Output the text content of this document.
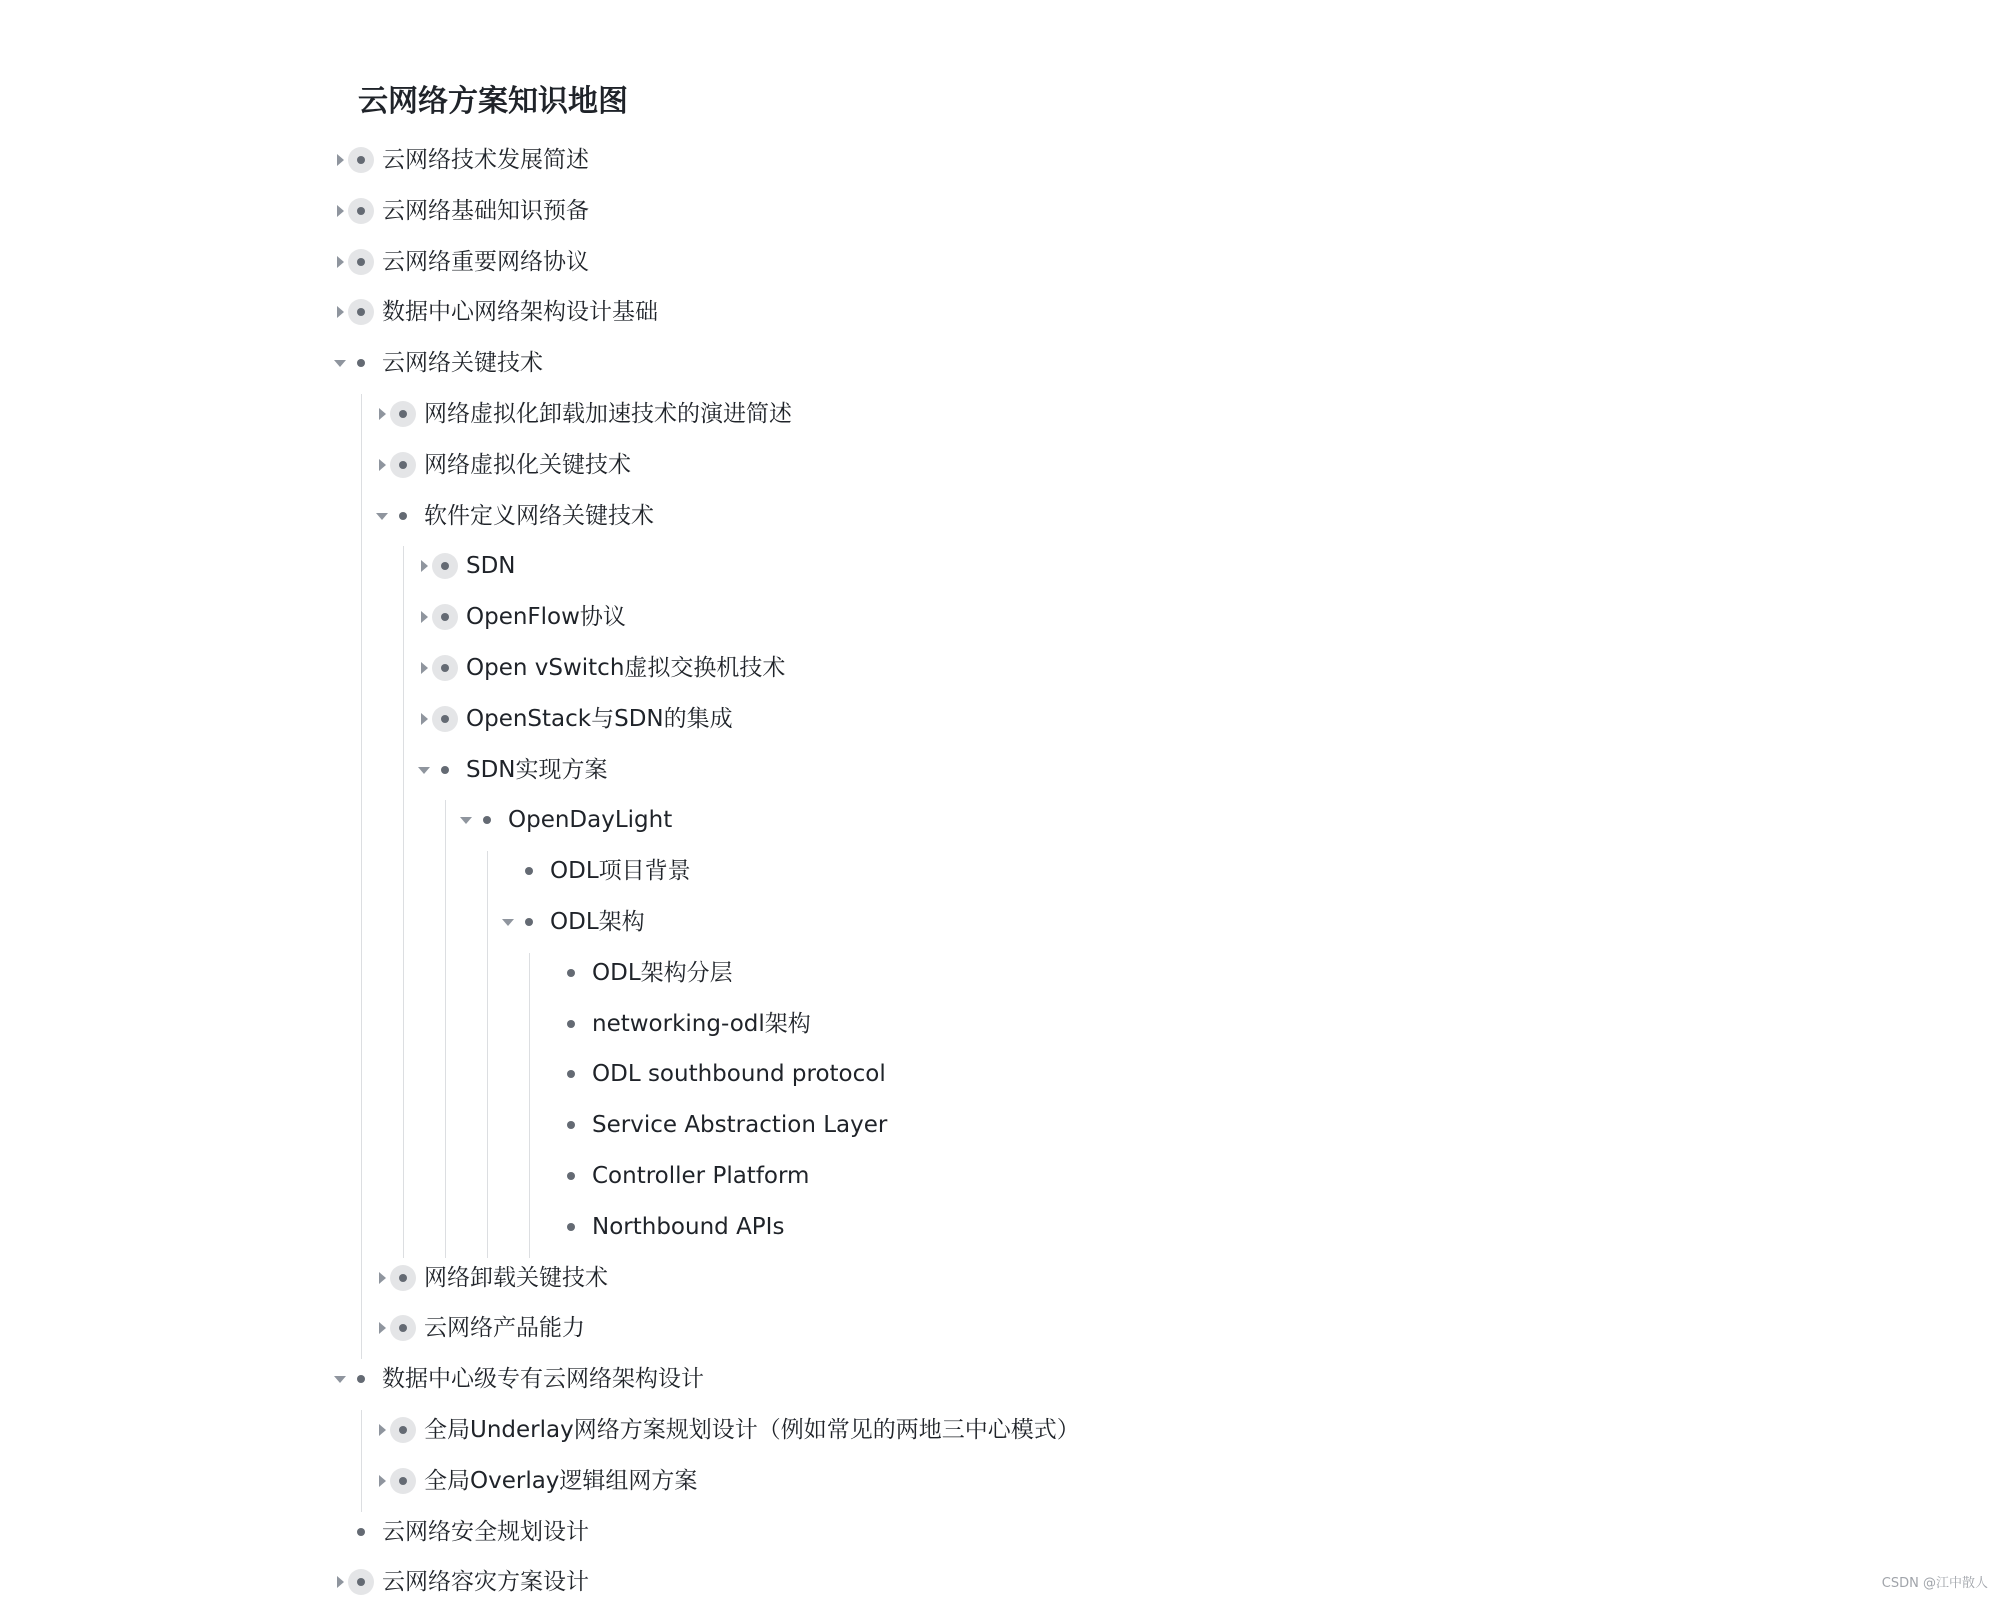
云网络方案知识地图
云网络技术发展简述
云网络基础知识预备
云网络重要网络协议
数据中心网络架构设计基础
云网络关键技术
网络虚拟化卸载加速技术的演进简述
网络虚拟化关键技术
软件定义网络关键技术
SDN
OpenFlow协议
Open vSwitch虚拟交换机技术
OpenStack与SDN的集成
SDN实现方案
OpenDayLight
ODL项目背景
ODL架构
ODL架构分层
networking-odl架构
ODL southbound protocol
Service Abstraction Layer
Controller Platform
Northbound APIs
网络卸载关键技术
云网络产品能力
数据中心级专有云网络架构设计
全局Underlay网络方案规划设计（例如常见的两地三中心模式）
全局Overlay逻辑组网方案
云网络安全规划设计
云网络容灾方案设计	CSDN @江中散人
